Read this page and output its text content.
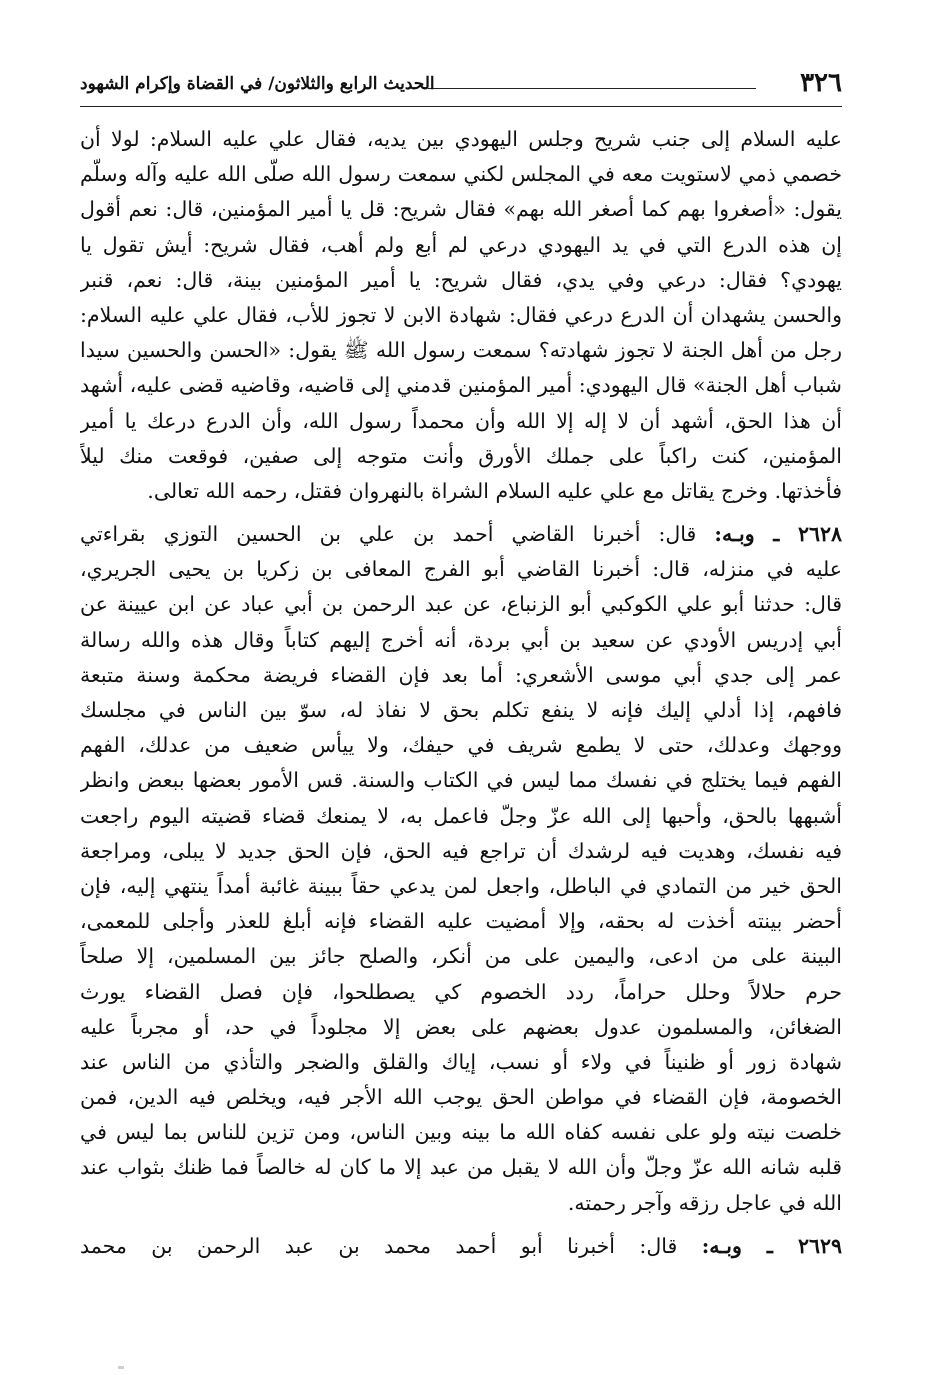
٣٢٦
الحديث الرابع والثلاثون/ في القضاة وإكرام الشهود
عليه السلام إلى جنب شريح وجلس اليهودي بين يديه، فقال علي عليه السلام: لولا أن
خصمي ذمي لاستويت معه في المجلس لكني سمعت رسول الله صلّى الله عليه وآله وسلّم
يقول: «أصغروا بهم كما أصغر الله بهم» فقال شريح: قل يا أمير المؤمنين، قال: نعم أقول
إن هذه الدرع التي في يد اليهودي درعي لم أبع ولم أهب، فقال شريح: أيش تقول يا
يهودي؟ فقال: درعي وفي يدي، فقال شريح: يا أمير المؤمنين بينة، قال: نعم، قنبر
والحسن يشهدان أن الدرع درعي فقال: شهادة الابن لا تجوز للأب، فقال علي عليه السلام:
رجل من أهل الجنة لا تجوز شهادته؟ سمعت رسول الله ﷺ يقول: «الحسن والحسين سيدا
شباب أهل الجنة» قال اليهودي: أمير المؤمنين قدمني إلى قاضيه، وقاضيه قضى عليه، أشهد
أن هذا الحق، أشهد أن لا إله إلا الله وأن محمداً رسول الله، وأن الدرع درعك يا أمير
المؤمنين، كنت راكباً على جملك الأورق وأنت متوجه إلى صفين، فوقعت منك ليلاً
فأخذتها. وخرج يقاتل مع علي عليه السلام الشراة بالنهروان فقتل، رحمه الله تعالى.
٢٦٢٨ ـ وبـه: قال: أخبرنا القاضي أحمد بن علي بن الحسين التوزي بقراءتي
عليه في منزله، قال: أخبرنا القاضي أبو الفرج المعافى بن زكريا بن يحيى الجريري،
قال: حدثنا أبو علي الكوكبي أبو الزنباع، عن عبد الرحمن بن أبي عباد عن ابن عيينة عن
أبي إدريس الأودي عن سعيد بن أبي بردة، أنه أخرج إليهم كتاباً وقال هذه والله رسالة
عمر إلى جدي أبي موسى الأشعري: أما بعد فإن القضاء فريضة محكمة وسنة متبعة
فافهم، إذا أدلي إليك فإنه لا ينفع تكلم بحق لا نفاذ له، سوّ بين الناس في مجلسك
ووجهك وعدلك، حتى لا يطمع شريف في حيفك، ولا ييأس ضعيف من عدلك، الفهم
الفهم فيما يختلج في نفسك مما ليس في الكتاب والسنة. قس الأمور بعضها ببعض وانظر
أشبهها بالحق، وأحبها إلى الله عزّ وجلّ فاعمل به، لا يمنعك قضاء قضيته اليوم راجعت
فيه نفسك، وهديت فيه لرشدك أن تراجع فيه الحق، فإن الحق جديد لا يبلى، ومراجعة
الحق خير من التمادي في الباطل، واجعل لمن يدعي حقاً ببينة غائبة أمداً ينتهي إليه، فإن
أحضر بينته أخذت له بحقه، وإلا أمضيت عليه القضاء فإنه أبلغ للعذر وأجلى للمعمى،
البينة على من ادعى، واليمين على من أنكر، والصلح جائز بين المسلمين، إلا صلحاً
حرم حلالاً وحلل حراماً، ردد الخصوم كي يصطلحوا، فإن فصل القضاء يورث
الضغائن، والمسلمون عدول بعضهم على بعض إلا مجلوداً في حد، أو مجرباً عليه
شهادة زور أو ظنيناً في ولاء أو نسب، إياك والقلق والضجر والتأذي من الناس عند
الخصومة، فإن القضاء في مواطن الحق يوجب الله الأجر فيه، ويخلص فيه الدين، فمن
خلصت نيته ولو على نفسه كفاه الله ما بينه وبين الناس، ومن تزين للناس بما ليس في
قلبه شانه الله عزّ وجلّ وأن الله لا يقبل من عبد إلا ما كان له خالصاً فما ظنك بثواب عند
الله في عاجل رزقه وآجر رحمته.
٢٦٢٩ ـ وبـه: قال: أخبرنا أبو أحمد محمد بن عبد الرحمن بن محمد
